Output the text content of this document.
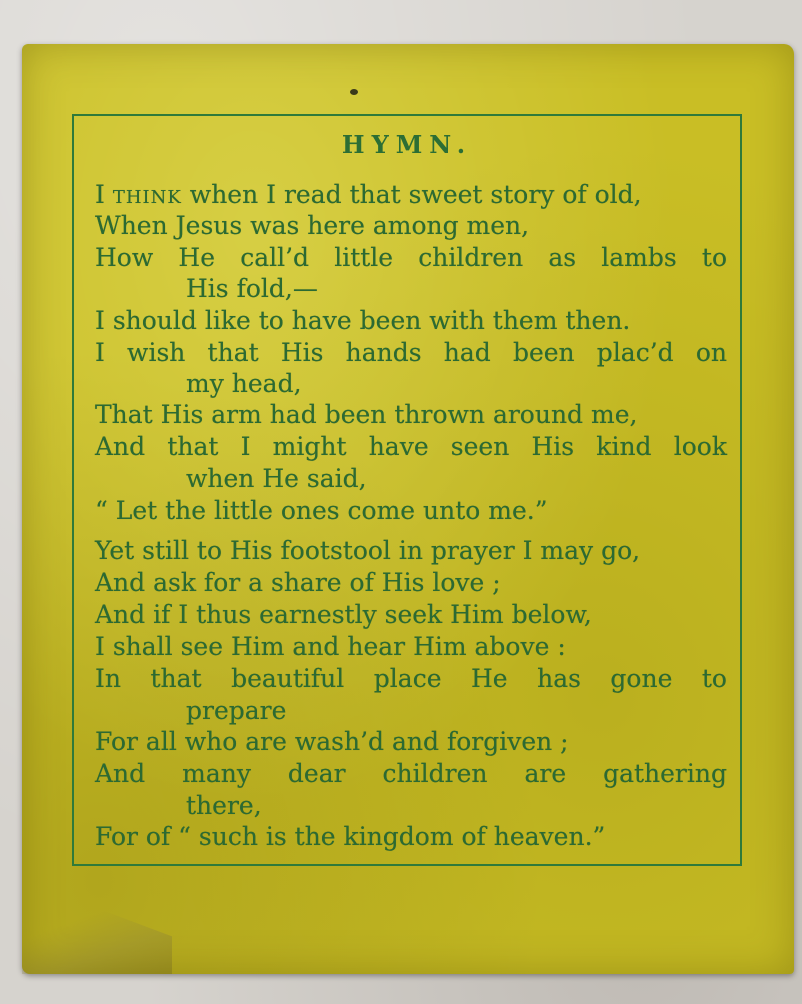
HYMN.
I think when I read that sweet story of old,
When Jesus was here among men,
How He call’d little children as lambs to
His fold,—
I should like to have been with them then.
I wish that His hands had been plac’d on
my head,
That His arm had been thrown around me,
And that I might have seen His kind look
when He said,
“ Let the little ones come unto me.”
Yet still to His footstool in prayer I may go,
And ask for a share of His love ;
And if I thus earnestly seek Him below,
I shall see Him and hear Him above :
In that beautiful place He has gone to
prepare
For all who are wash’d and forgiven ;
And many dear children are gathering
there,
For of “ such is the kingdom of heaven.”
